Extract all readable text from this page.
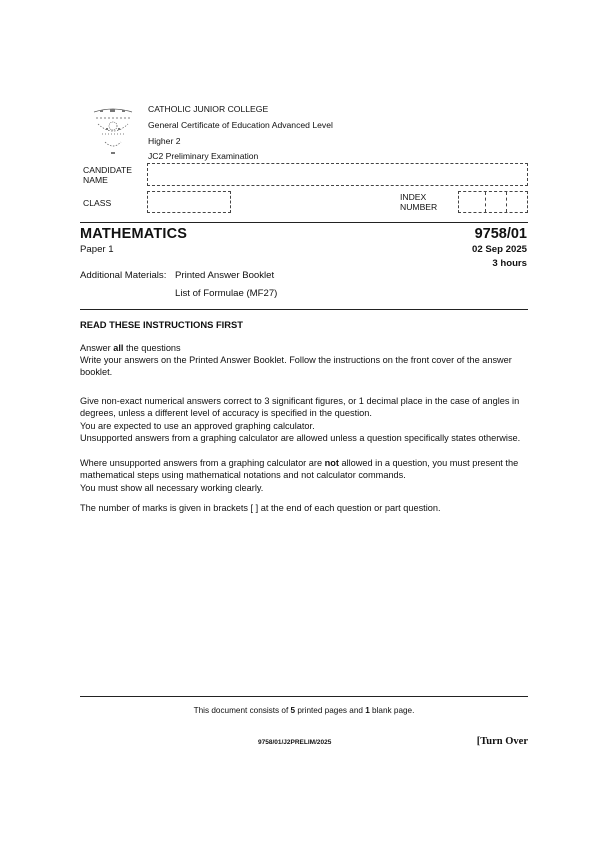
CATHOLIC JUNIOR COLLEGE
General Certificate of Education Advanced Level
Higher 2
JC2 Preliminary Examination
CANDIDATE
NAME
CLASS
INDEX
NUMBER
MATHEMATICS	9758/01
Paper 1	02 Sep 2025
3 hours
Additional Materials: Printed Answer Booklet
List of Formulae (MF27)
READ THESE INSTRUCTIONS FIRST
Answer all the questions
Write your answers on the Printed Answer Booklet. Follow the instructions on the front cover of the answer booklet.
Give non-exact numerical answers correct to 3 significant figures, or 1 decimal place in the case of angles in degrees, unless a different level of accuracy is specified in the question.
You are expected to use an approved graphing calculator.
Unsupported answers from a graphing calculator are allowed unless a question specifically states otherwise.
Where unsupported answers from a graphing calculator are not allowed in a question, you must present the mathematical steps using mathematical notations and not calculator commands.
You must show all necessary working clearly.
The number of marks is given in brackets [ ] at the end of each question or part question.
This document consists of 5 printed pages and 1 blank page.
9758/01/J2PRELIM/2025	[Turn Over
